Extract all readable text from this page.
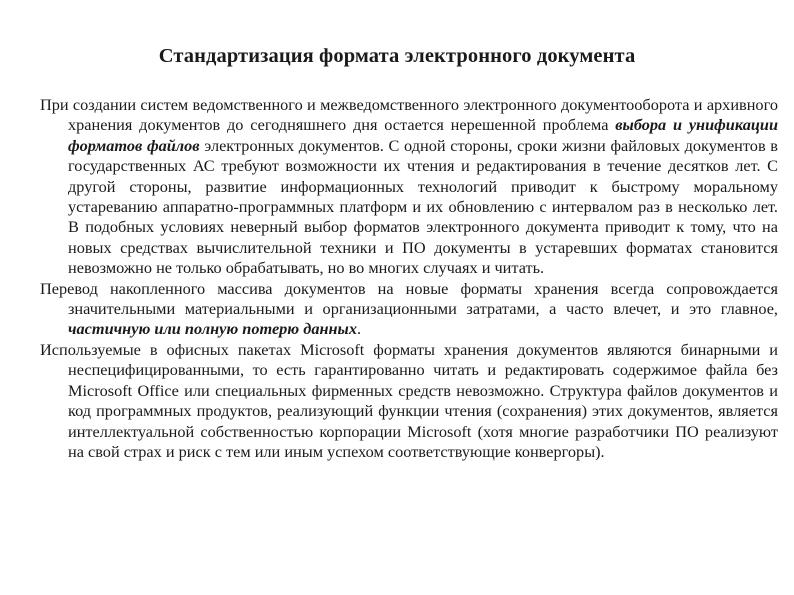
Стандартизация формата электронного документа

При создании систем ведомственного и межведомственного электронного документооборота и архивного хранения документов до сегодняшнего дня остается нерешенной проблема выбора и унификации форматов файлов электронных документов. С одной стороны, сроки жизни файловых документов в государственных АС требуют возможности их чтения и редактирования в течение десятков лет. С другой стороны, развитие информационных технологий приводит к быстрому моральному устареванию аппаратно-программных платформ и их обновлению с интервалом раз в несколько лет. В подобных условиях неверный выбор форматов электронного документа приводит к тому, что на новых средствах вычислительной техники и ПО документы в устаревших форматах становится невозможно не только обрабатывать, но во многих случаях и читать.

Перевод накопленного массива документов на новые форматы хранения всегда сопровождается значительными материальными и организационными затратами, а часто влечет, и это главное, частичную или полную потерю данных.

Используемые в офисных пакетах Microsoft форматы хранения документов являются бинарными и неспецифицированными, то есть гарантированно читать и редактировать содержимое файла без Microsoft Office или специальных фирменных средств невозможно. Структура файлов документов и код программных продуктов, реализующий функции чтения (сохранения) этих документов, является интеллектуальной собственностью корпорации Microsoft (хотя многие разработчики ПО реализуют на свой страх и риск с тем или иным успехом соответствующие конвергоры).
